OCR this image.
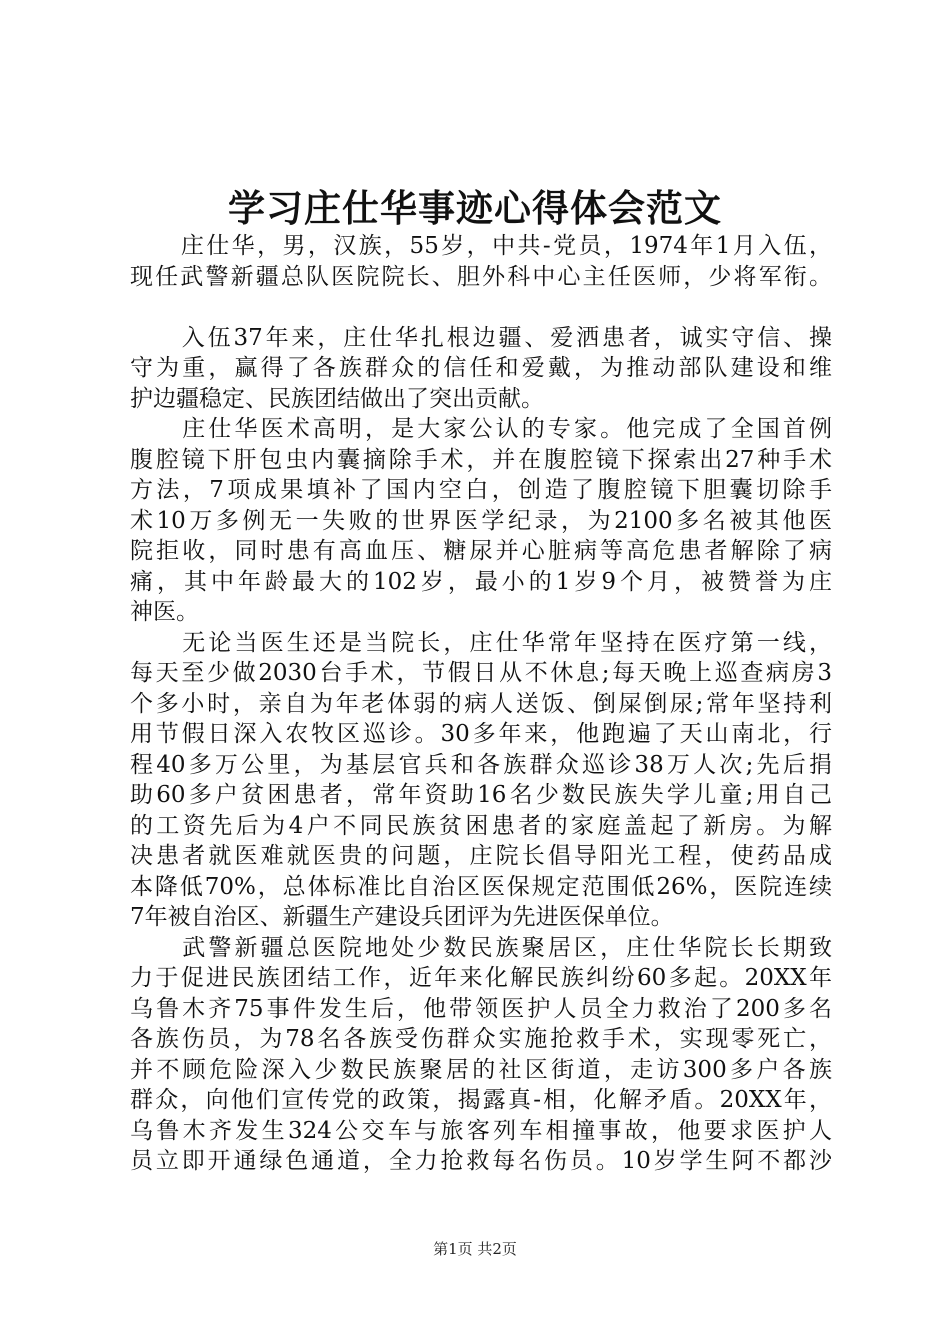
学习庄仕华事迹心得体会范文
　　庄仕华，男，汉族，55岁，中共-党员，1974年1月入伍，
现任武警新疆总队医院院长、胆外科中心主任医师，少将军衔。
　　入伍37年来，庄仕华扎根边疆、爱洒患者，诚实守信、操
守为重，赢得了各族群众的信任和爱戴，为推动部队建设和维
护边疆稳定、民族团结做出了突出贡献。
　　庄仕华医术高明，是大家公认的专家。他完成了全国首例
腹腔镜下肝包虫内囊摘除手术，并在腹腔镜下探索出27种手术
方法，7项成果填补了国内空白，创造了腹腔镜下胆囊切除手
术10万多例无一失败的世界医学纪录，为2100多名被其他医
院拒收，同时患有高血压、糖尿并心脏病等高危患者解除了病
痛，其中年龄最大的102岁，最小的1岁9个月，被赞誉为庄
神医。
　　无论当医生还是当院长，庄仕华常年坚持在医疗第一线，
每天至少做2030台手术，节假日从不休息;每天晚上巡查病房3
个多小时，亲自为年老体弱的病人送饭、倒屎倒尿;常年坚持利
用节假日深入农牧区巡诊。30多年来，他跑遍了天山南北，行
程40多万公里，为基层官兵和各族群众巡诊38万人次;先后捐
助60多户贫困患者，常年资助16名少数民族失学儿童;用自己
的工资先后为4户不同民族贫困患者的家庭盖起了新房。为解
决患者就医难就医贵的问题，庄院长倡导阳光工程，使药品成
本降低70%，总体标准比自治区医保规定范围低26%，医院连续
7年被自治区、新疆生产建设兵团评为先进医保单位。
　　武警新疆总医院地处少数民族聚居区，庄仕华院长长期致
力于促进民族团结工作，近年来化解民族纠纷60多起。20XX年
乌鲁木齐75事件发生后，他带领医护人员全力救治了200多名
各族伤员，为78名各族受伤群众实施抢救手术，实现零死亡，
并不顾危险深入少数民族聚居的社区街道，走访300多户各族
群众，向他们宣传党的政策，揭露真-相，化解矛盾。20XX年，
乌鲁木齐发生324公交车与旅客列车相撞事故，他要求医护人
员立即开通绿色通道，全力抢救每名伤员。10岁学生阿不都沙
第1页 共2页
